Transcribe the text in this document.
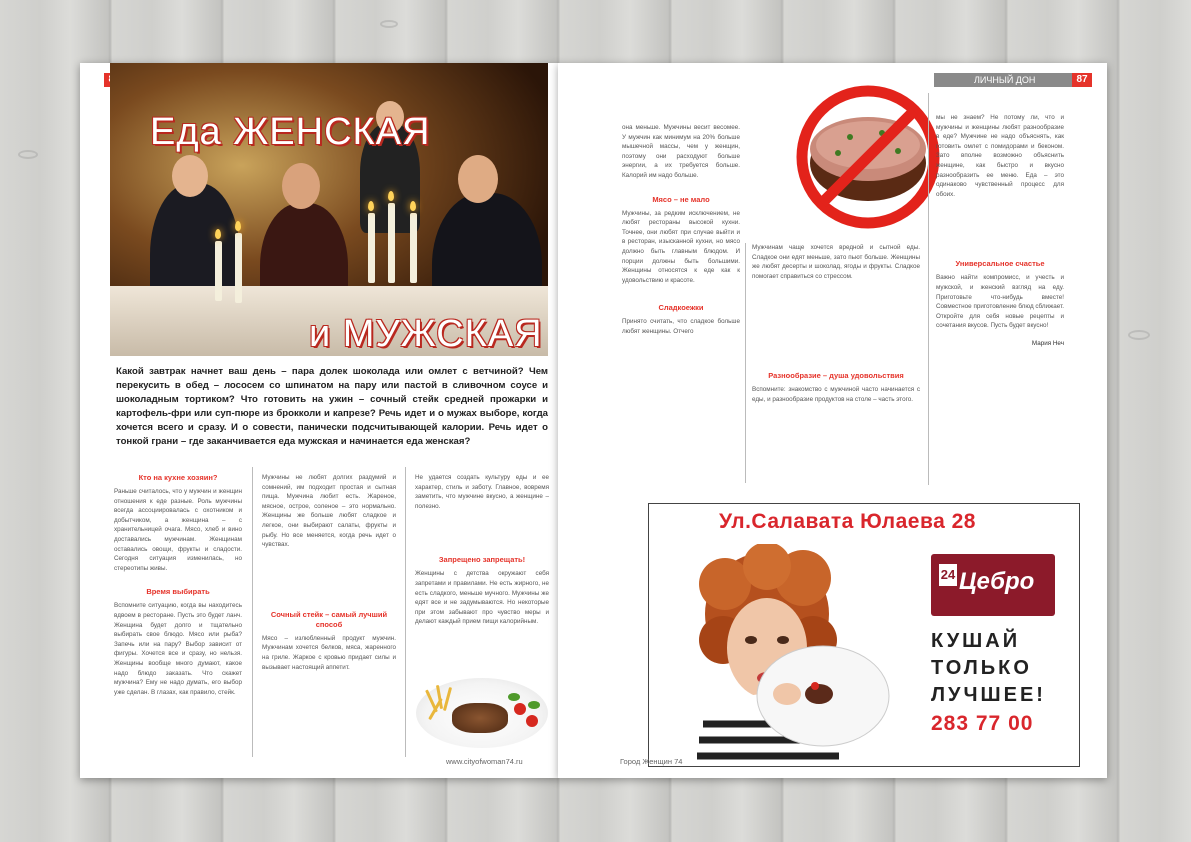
Еда ЖЕНСКАЯ
и МУЖСКАЯ
Какой завтрак начнет ваш день – пара долек шоколада или омлет с ветчиной? Чем перекусить в обед – лососем со шпинатом на пару или пастой в сливочном соусе и шоколадным тортиком? Что готовить на ужин – сочный стейк средней прожарки и картофель-фри или суп-пюре из брокколи и капрезе? Речь идет и о мужах выборе, когда хочется всего и сразу. И о совести, панически подсчитывающей калории. Речь идет о тонкой грани – где заканчивается еда мужская и начинается еда женская?
Кто на кухне хозяин?

Раньше считалось, что у мужчин и женщин отношения к еде разные. Роль мужчины всегда ассоциировалась с охотником и добытчиком, а женщина – с хранительницей очага. Мясо, хлеб и вино доставались мужчинам. Женщинам оставались овощи, фрукты и сладости. Сегодня ситуация изменилась, но стереотипы живы.

Время выбирать

Вспомните ситуацию, когда вы находитесь вдвоем в ресторане. Пусть это будет ланч. Женщина будет долго и тщательно выбирать свое блюдо. Мясо или рыба? Запечь или на пару? Выбор зависит от фигуры. Хочется все и сразу, но нельзя. Женщины вообще много думают, какое надо блюдо заказать. Что скажет мужчина? Ему не надо думать, его выбор уже сделан. В глазах, как правило, стейк.

Мужчины не любят долгих раздумий и сомнений, им подходит простая и сытная пища. Мужчина любит есть. Жареное, мясное, острое, соленое – это нормально. Женщины же больше любят сладкое и легкое, они выбирают салаты, фрукты и рыбу. Но все меняется, когда речь идет о чувствах.

Сочный стейк – самый лучший способ

Мясо – излюбленный продукт мужчин. Мужчинам хочется белков, мяса, жаренного на гриле. Жаркое с кровью придает силы и вызывает настоящий аппетит.

Не удается создать культуру еды и ее характер, стиль и заботу. Главное, вовремя заметить, что мужчине вкусно, а женщине – полезно.

Запрещено запрещать!

Женщины с детства окружают себя запретами и правилами. Не есть жирного, не есть сладкого, меньше мучного. Мужчины же едят все и не задумываются. Но некоторые при этом забывают про чувство меры и делают каждый прием пищи калорийным.

www.cityofwoman74.ru
ЛИЧНЫЙ ДОН	87

она меньше. Мужчины весит весомее. У мужчин как минимум на 20% больше мышечной массы, чем у женщин, поэтому они расходуют больше энергии, а их требуется больше. Калорий им надо больше.

Мясо – не мало

Мужчины, за редким исключением, не любят рестораны высокой кухни. Точнее, они любят при случае выйти и в ресторан, изысканной кухни, но мясо должно быть главным блюдом. И порции должны быть большими. Женщины относятся к еде как к удовольствию и красоте.

Сладкоежки

Принято считать, что сладкое больше любят женщины. Отчего

Мужчинам чаще хочется вредной и сытной еды. Сладкое они едят меньше, зато пьют больше. Женщины же любят десерты и шоколад, ягоды и фрукты. Сладкое помогает справиться со стрессом.

Разнообразие – душа удовольствия

Вспомните: знакомство с мужчиной часто начинается с еды, и разнообразие продуктов на столе – часть этого.

мы не знаем? Не потому ли, что и мужчины и женщины любят разнообразие в еде? Мужчине не надо объяснять, как готовить омлет с помидорами и беконом. Зато вполне возможно объяснить женщине, как быстро и вкусно разнообразить ее меню. Еда – это одинаково чувственный процесс для обоих.

Универсальное счастье

Важно найти компромисс, и учесть и мужской, и женский взгляд на еду. Приготовьте что-нибудь вместе! Совместное приготовление блюд сближает. Откройте для себя новые рецепты и сочетания вкусов. Пусть будет вкусно!

Мария Неч

Ул.Салавата Юлаева 28
24 Цебро
КУШАЙ
ТОЛЬКО
ЛУЧШЕЕ!
283 77 00
Город Женщин 74
